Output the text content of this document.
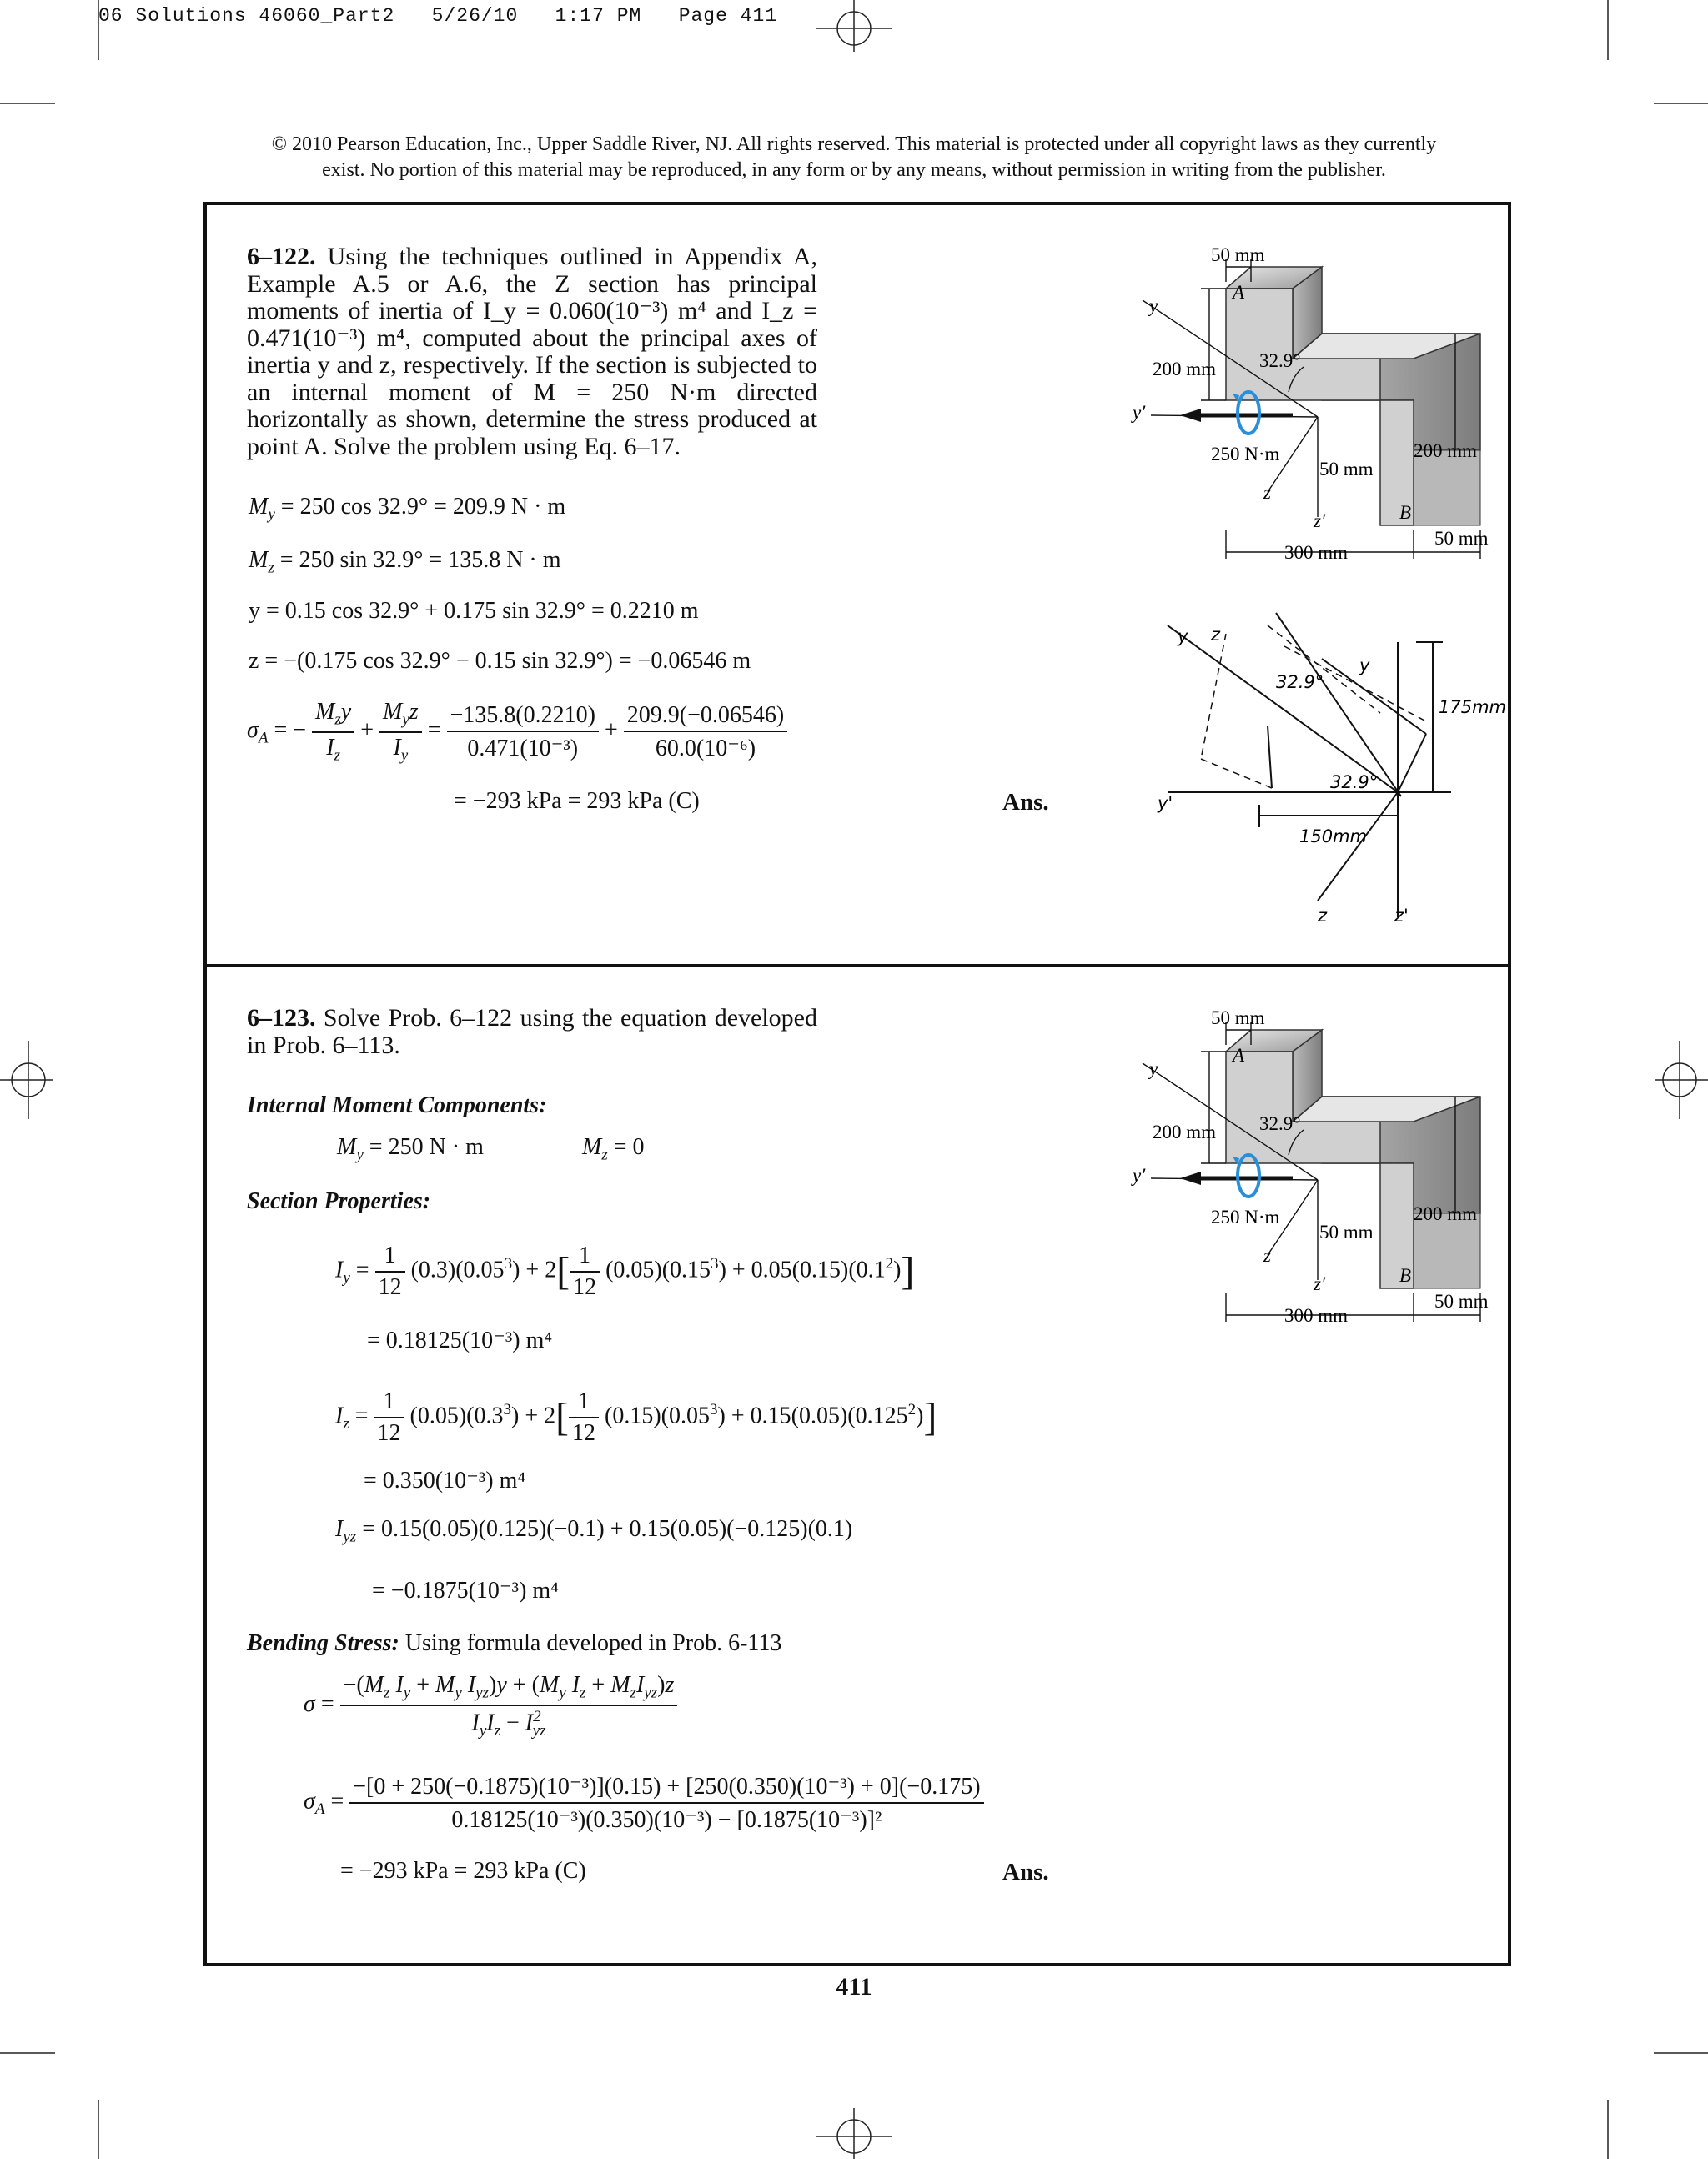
06 Solutions 46060_Part2   5/26/10   1:17 PM   Page 411
© 2010 Pearson Education, Inc., Upper Saddle River, NJ. All rights reserved. This material is protected under all copyright laws as they currently
exist. No portion of this material may be reproduced, in any form or by any means, without permission in writing from the publisher.
6–122. Using the techniques outlined in Appendix A, Example A.5 or A.6, the Z section has principal moments of inertia of I_y = 0.060(10⁻³) m⁴ and I_z = 0.471(10⁻³) m⁴, computed about the principal axes of inertia y and z, respectively. If the section is subjected to an internal moment of M = 250 N·m directed horizontally as shown, determine the stress produced at point A. Solve the problem using Eq. 6–17.
$M_y = 250$ cos 32.9° = 209.9 N · m
$M_z = 250$ sin 32.9° = 135.8 N · m
y = 0.15 cos 32.9° + 0.175 sin 32.9° = 0.2210 m
z = −(0.175 cos 32.9° − 0.15 sin 32.9°) = −0.06546 m
$\sigma_A$ = − $\frac{M_zy}{I_z} + \frac{M_yz}{I_y} = \frac{-135.8(0.2210)}{\text{0.471(10⁻³)}} + \frac{209.9(-0.06546)}{\text{60.0(10⁻⁶)}}$
= −293 kPa = 293 kPa (C)	Ans.
50 mm
A
y
200 mm 32.9°
y′
250 N·m
50 mm
200 mm
z
z′	B
300 mm
50 mm
y z
32.9°
y
175mm
32.9°
y'
150mm
z	z'
6–123. Solve Prob. 6–122 using the equation developed in Prob. 6–113.
Internal Moment Components:
$M_y = 250$ N · m	$M_z = 0$
Section Properties:
$I_y = \frac{1}{12} (0.3)(0.05^3) + 2[ \frac{1}{12} (0.05)(0.15^3) + 0.05(0.15)(0.1^2)]$
= 0.18125(10⁻³) m⁴
$I_z = \frac{1}{12} (0.05)(0.3^3) + 2[ \frac{1}{12} (0.15)(0.05^3) + 0.15(0.05)(0.125^2)]$
= 0.350(10⁻³) m⁴
$I_{yz} = 0.15(0.05)(0.125)(-0.1) + 0.15(0.05)(-0.125)(0.1)$
= −0.1875(10⁻³) m⁴
Bending Stress: Using formula developed in Prob. 6-113
$\sigma = \frac{-(M_z I_y + M_y I_{yz})y + (M_y I_z + M_zI_{yz})z}{I_yI_z - I^2_{yz}}$
$\sigma_A$ =
−[0 + 250(−0.1875)(10⁻³)](0.15) + [250(0.350)(10⁻³) + 0](−0.175)
0.18125(10⁻³)(0.350)(10⁻³) − [0.1875(10⁻³)]²
= −293 kPa = 293 kPa (C)	Ans.
50 mm
A
y
200 mm 32.9°
y′
250 N·m
50 mm
200 mm
z
z′	B
300 mm
50 mm
411
